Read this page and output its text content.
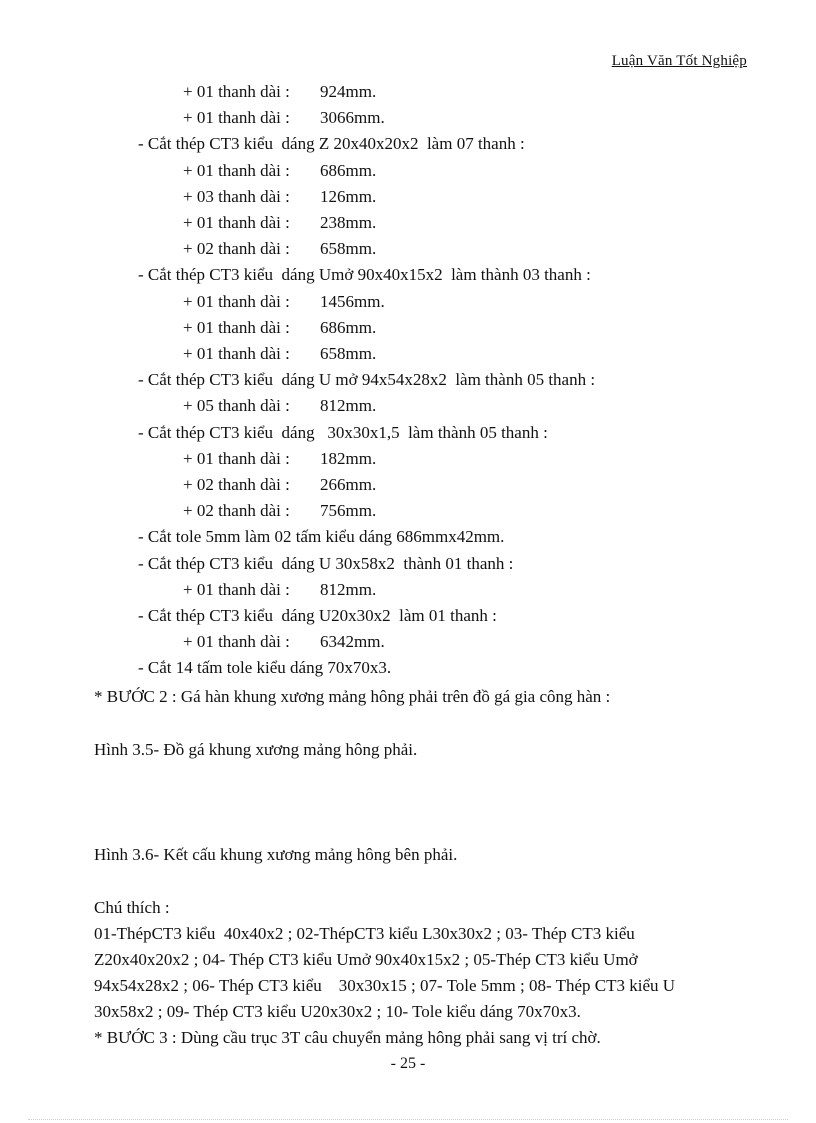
Luận Văn Tốt Nghiệp
+ 01 thanh dài : 924mm.
+ 01 thanh dài : 3066mm.
- Cắt thép CT3 kiểu  dáng Z 20x40x20x2  làm 07 thanh :
+ 01 thanh dài : 686mm.
+ 03 thanh dài : 126mm.
+ 01 thanh dài : 238mm.
+ 02 thanh dài : 658mm.
- Cắt thép CT3 kiểu  dáng Umở 90x40x15x2  làm thành 03 thanh :
+ 01 thanh dài : 1456mm.
+ 01 thanh dài : 686mm.
+ 01 thanh dài : 658mm.
- Cắt thép CT3 kiểu  dáng U mở 94x54x28x2  làm thành 05 thanh :
+ 05 thanh dài : 812mm.
- Cắt thép CT3 kiểu  dáng   30x30x1,5  làm thành 05 thanh :
+ 01 thanh dài : 182mm.
+ 02 thanh dài : 266mm.
+ 02 thanh dài : 756mm.
- Cắt tole 5mm làm 02 tấm kiểu dáng 686mmx42mm.
- Cắt thép CT3 kiểu  dáng U 30x58x2  thành 01 thanh :
+ 01 thanh dài : 812mm.
- Cắt thép CT3 kiểu  dáng U20x30x2  làm 01 thanh :
+ 01 thanh dài : 6342mm.
- Cắt 14 tấm tole kiểu dáng 70x70x3.
* BƯỚC 2 : Gá hàn khung xương mảng hông phải trên đồ gá gia công hàn :
Hình 3.5- Đồ gá khung xương mảng hông phải.
Hình 3.6- Kết cấu khung xương mảng hông bên phải.
Chú thích :
01-ThépCT3 kiểu  40x40x2 ; 02-ThépCT3 kiểu L30x30x2 ; 03- Thép CT3 kiểu
Z20x40x20x2 ; 04- Thép CT3 kiểu Umở 90x40x15x2 ; 05-Thép CT3 kiểu Umở
94x54x28x2 ; 06- Thép CT3 kiểu    30x30x15 ; 07- Tole 5mm ; 08- Thép CT3 kiểu U
30x58x2 ; 09- Thép CT3 kiểu U20x30x2 ; 10- Tole kiểu dáng 70x70x3.
* BƯỚC 3 : Dùng cầu trục 3T câu chuyển mảng hông phải sang vị trí chờ.
- 25 -
